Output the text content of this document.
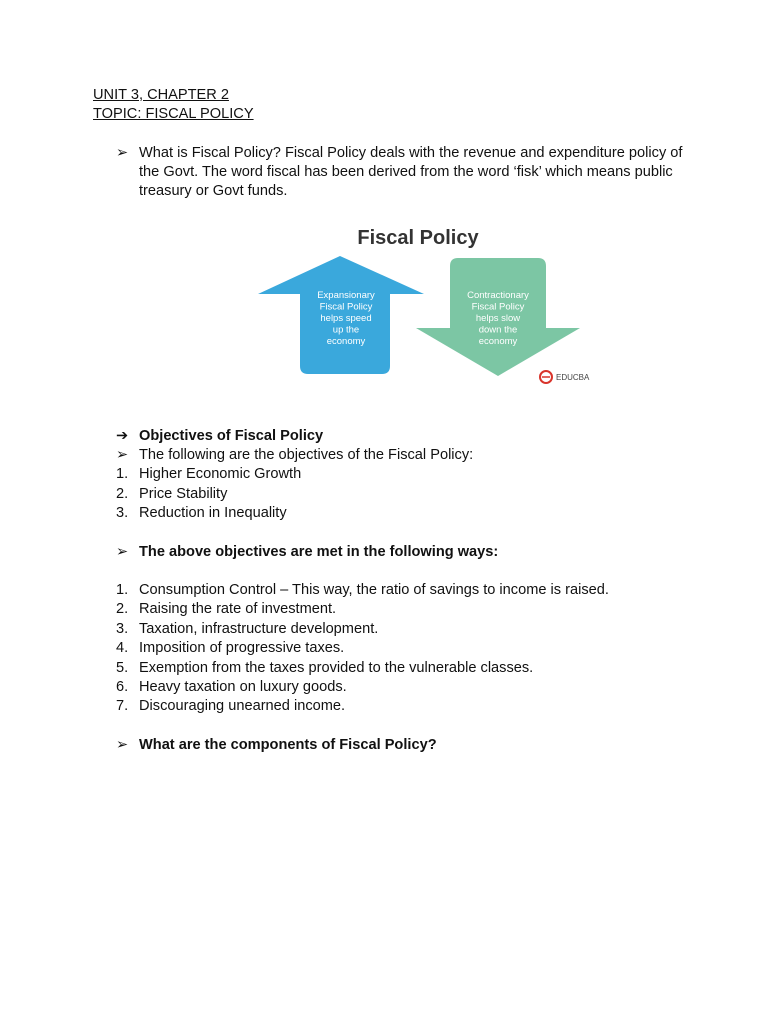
UNIT 3, CHAPTER 2
TOPIC: FISCAL POLICY
➢ What is Fiscal Policy? Fiscal Policy deals with the revenue and expenditure policy of the Govt. The word fiscal has been derived from the word ‘fisk’ which means public treasury or Govt funds.
Fiscal Policy
Expansionary
Fiscal Policy
helps speed
up the
economy
Contractionary
Fiscal Policy
helps slow
down the
economy
EDUCBA
➔ Objectives of Fiscal Policy
➢ The following are the objectives of the Fiscal Policy:
1. Higher Economic Growth
2. Price Stability
3. Reduction in Inequality
➢ The above objectives are met in the following ways:
1. Consumption Control – This way, the ratio of savings to income is raised.
2. Raising the rate of investment.
3. Taxation, infrastructure development.
4. Imposition of progressive taxes.
5. Exemption from the taxes provided to the vulnerable classes.
6. Heavy taxation on luxury goods.
7. Discouraging unearned income.
➢ What are the components of Fiscal Policy?
